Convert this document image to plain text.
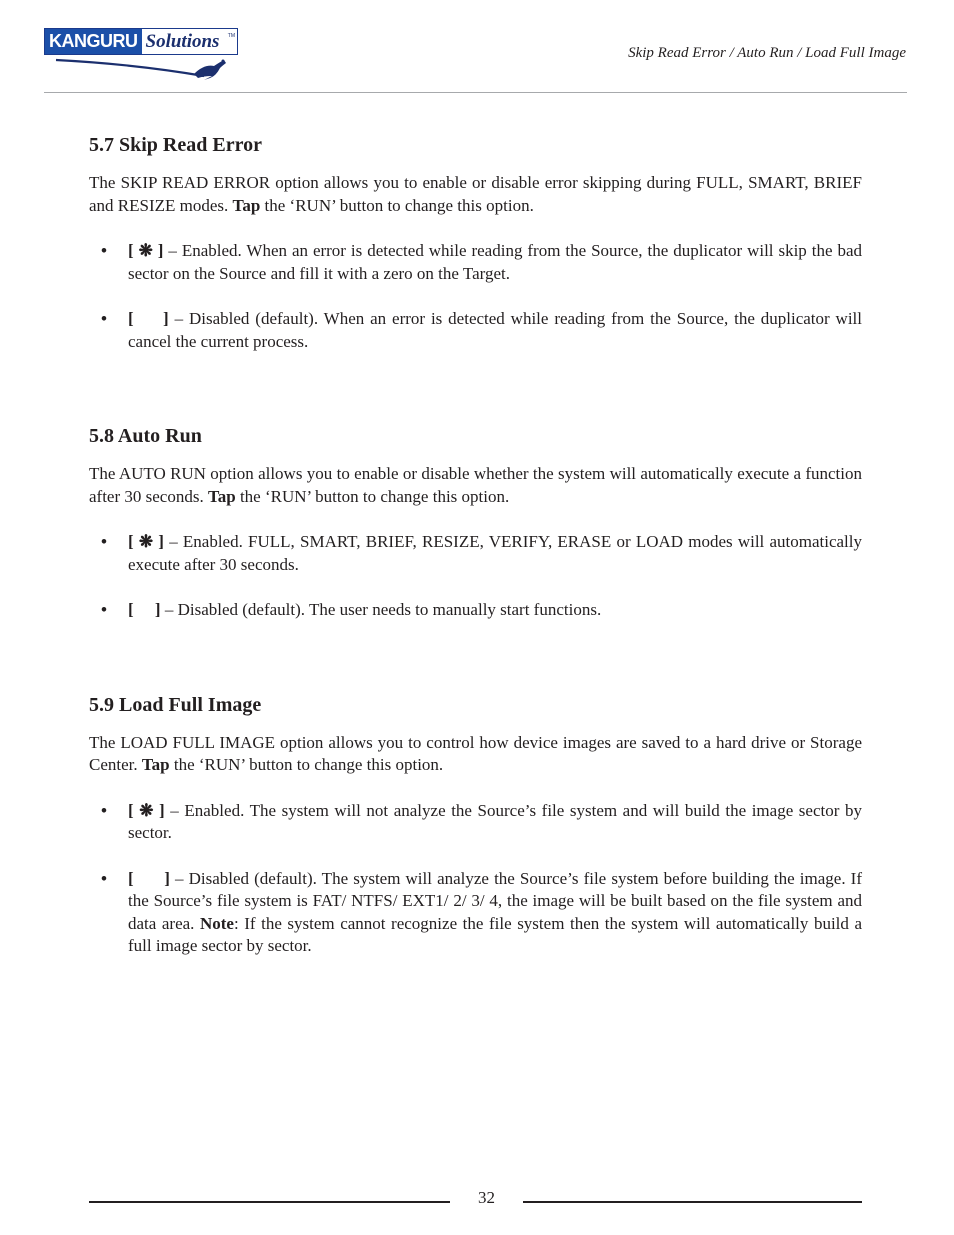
KANGURU Solutions TM
Skip Read Error / Auto Run / Load Full Image
5.7 Skip Read Error

The SKIP READ ERROR option allows you to enable or disable error skipping during FULL, SMART, BRIEF and RESIZE modes. Tap the ‘RUN’ button to change this option.

• [ ❋ ] – Enabled. When an error is detected while reading from the Source, the duplicator will skip the bad sector on the Source and fill it with a zero on the Target.
• [     ] – Disabled (default). When an error is detected while reading from the Source, the duplicator will cancel the current process.
5.8 Auto Run

The AUTO RUN option allows you to enable or disable whether the system will automatically execute a function after 30 seconds. Tap the ‘RUN’ button to change this option.

• [ ❋ ] – Enabled. FULL, SMART, BRIEF, RESIZE, VERIFY, ERASE or LOAD modes will automatically execute after 30 seconds.
• [     ] – Disabled (default). The user needs to manually start functions.
5.9 Load Full Image

The LOAD FULL IMAGE option allows you to control how device images are saved to a hard drive or Storage Center. Tap the ‘RUN’ button to change this option.

• [ ❋ ] – Enabled. The system will not analyze the Source’s file system and will build the image sector by sector.
• [      ] – Disabled (default). The system will analyze the Source’s file system before building the image. If the Source’s file system is FAT/ NTFS/ EXT1/ 2/ 3/ 4, the image will be built based on the file system and data area. Note: If the system cannot recognize the file system then the system will automatically build a full image sector by sector.
32
